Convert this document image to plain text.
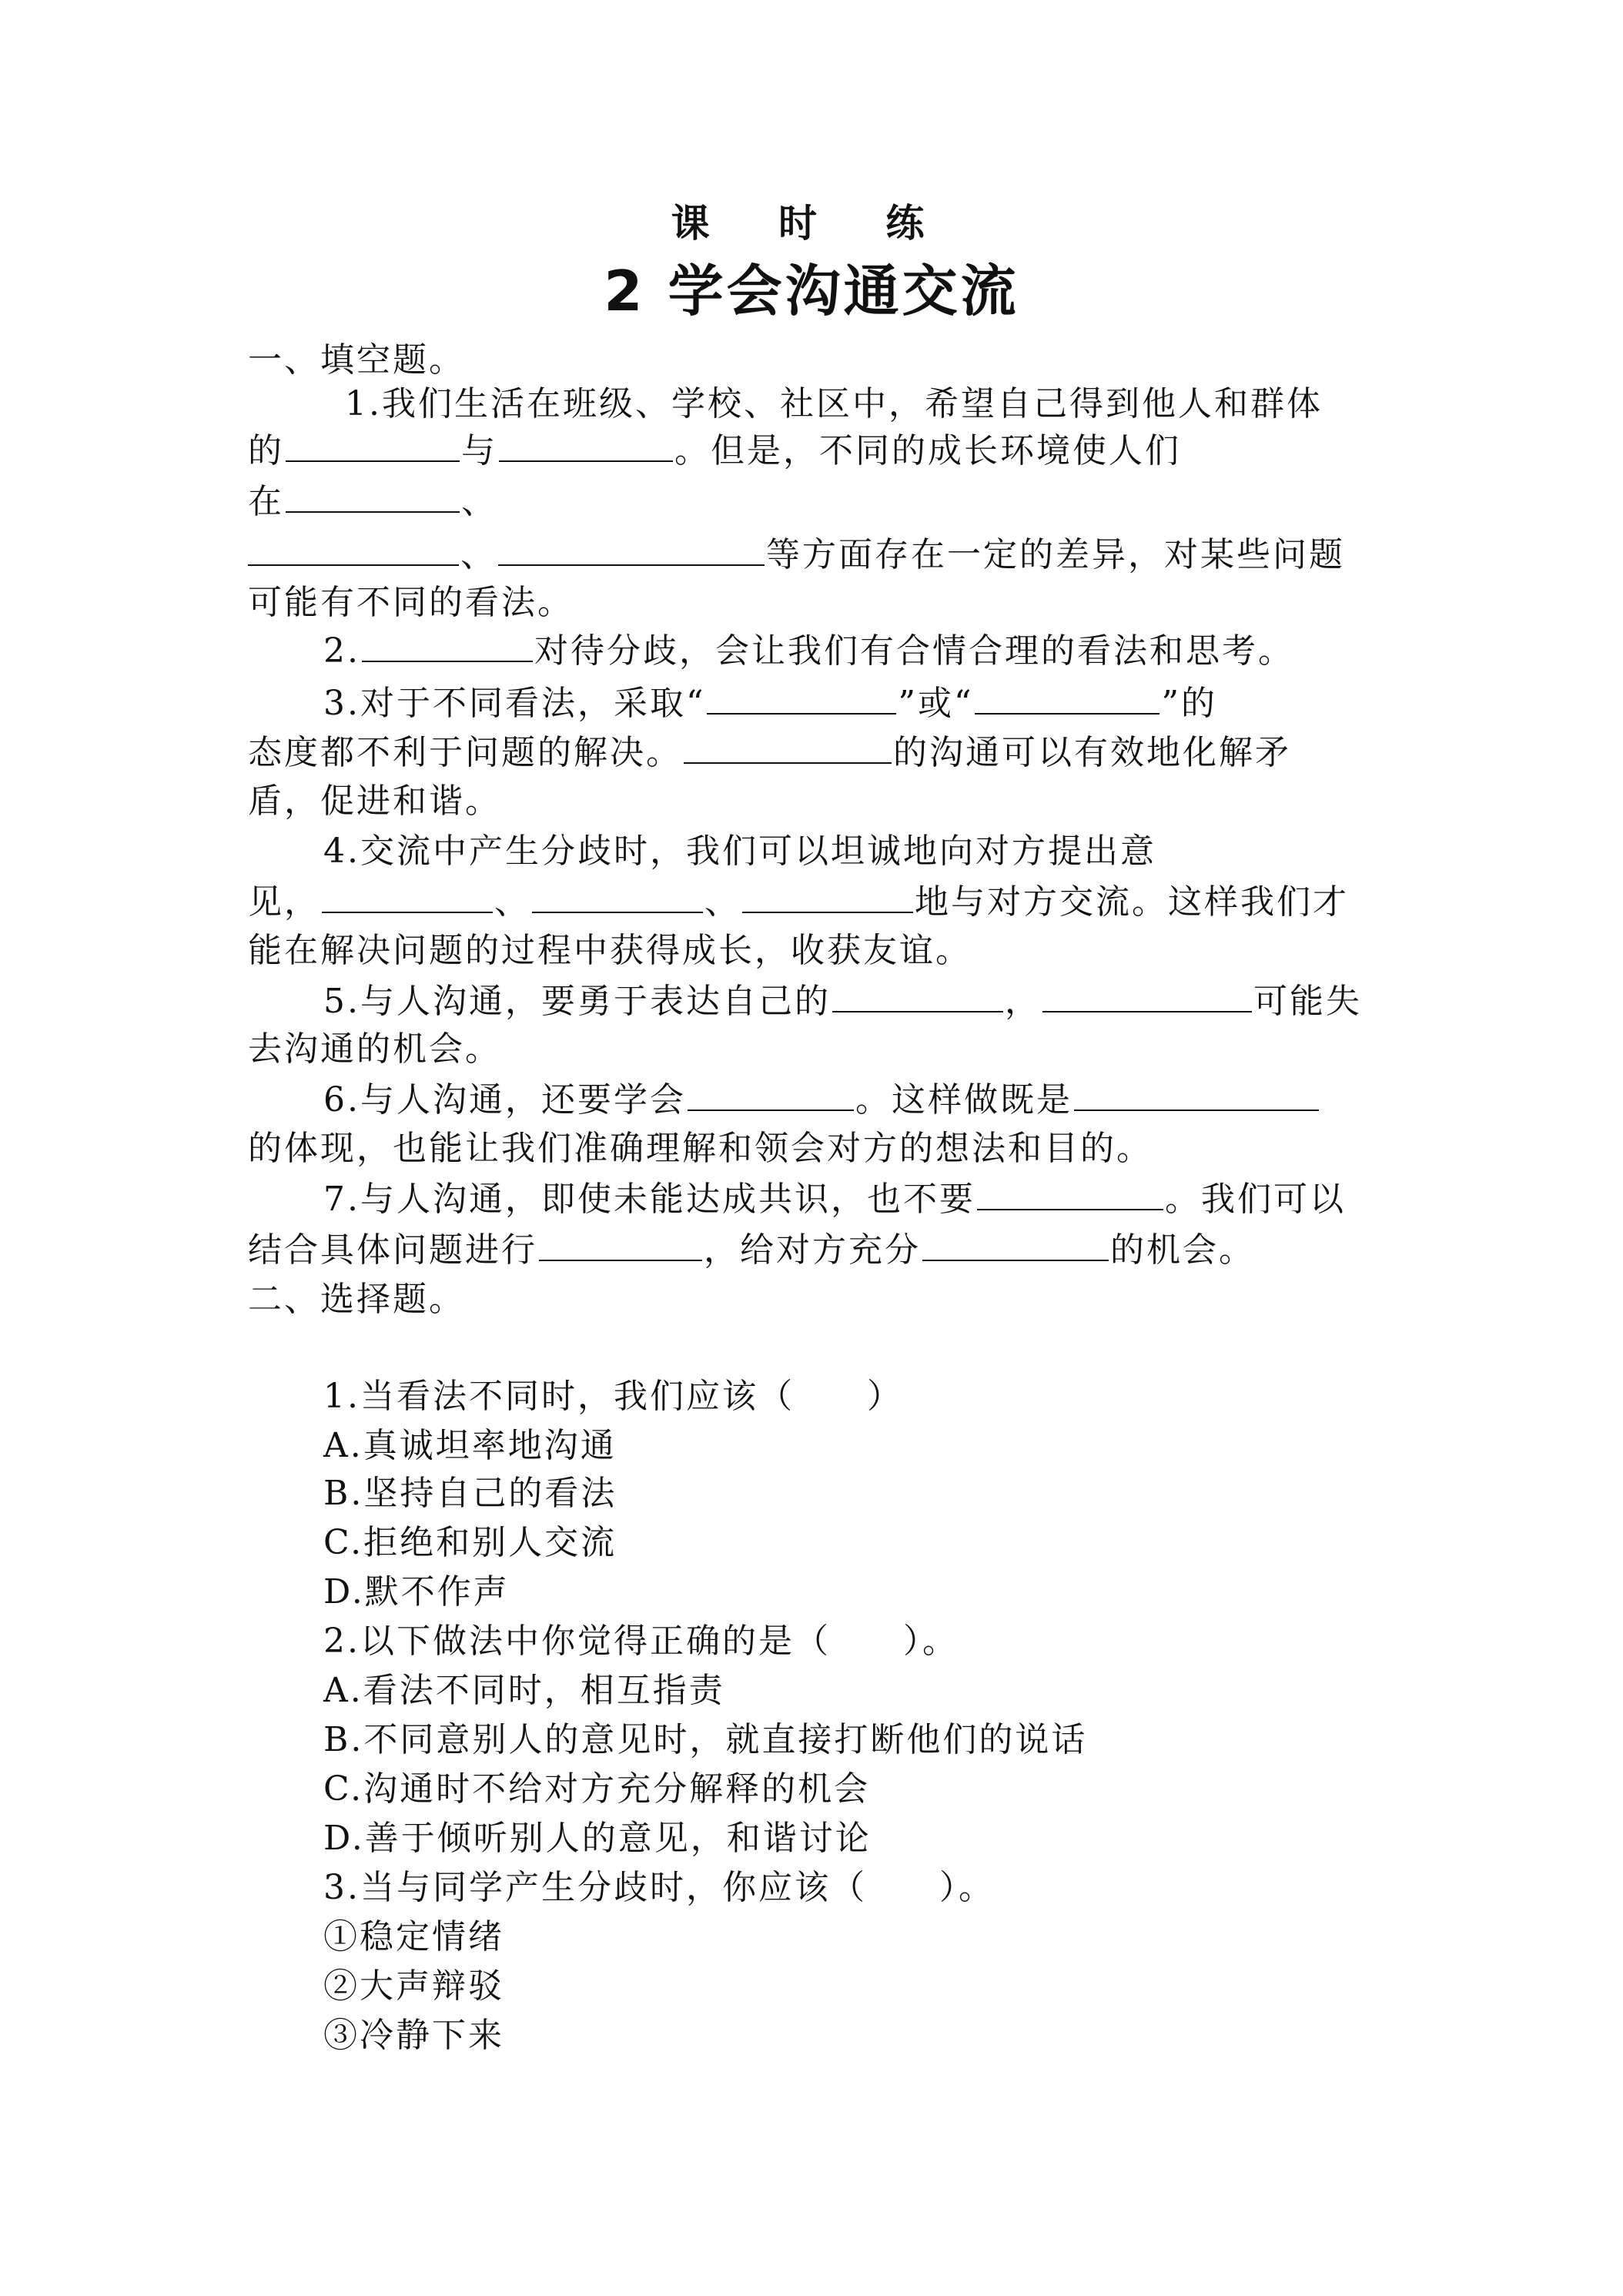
课 时 练
2 学会沟通交流
一、填空题。
1.我们生活在班级、学校、社区中，希望自己得到他人和群体
的	与	。但是，不同的成长环境使人们
在	、
、	等方面存在一定的差异，对某些问题
可能有不同的看法。
2.	对待分歧，会让我们有合情合理的看法和思考。
3.对于不同看法，采取“	”或“	”的
态度都不利于问题的解决。	的沟通可以有效地化解矛
盾，促进和谐。
4.交流中产生分歧时，我们可以坦诚地向对方提出意
见，	、	、	地与对方交流。这样我们才
能在解决问题的过程中获得成长，收获友谊。
5.与人沟通，要勇于表达自己的	，	可能失
去沟通的机会。
6.与人沟通，还要学会	。这样做既是
的体现，也能让我们准确理解和领会对方的想法和目的。
7.与人沟通，即使未能达成共识，也不要	。我们可以
结合具体问题进行	，给对方充分	的机会。
二、选择题。
1.当看法不同时，我们应该（　　）
A.真诚坦率地沟通
B.坚持自己的看法
C.拒绝和别人交流
D.默不作声
2.以下做法中你觉得正确的是（　　）。
A.看法不同时，相互指责
B.不同意别人的意见时，就直接打断他们的说话
C.沟通时不给对方充分解释的机会
D.善于倾听别人的意见，和谐讨论
3.当与同学产生分歧时，你应该（　　）。
①稳定情绪
②大声辩驳
③冷静下来
